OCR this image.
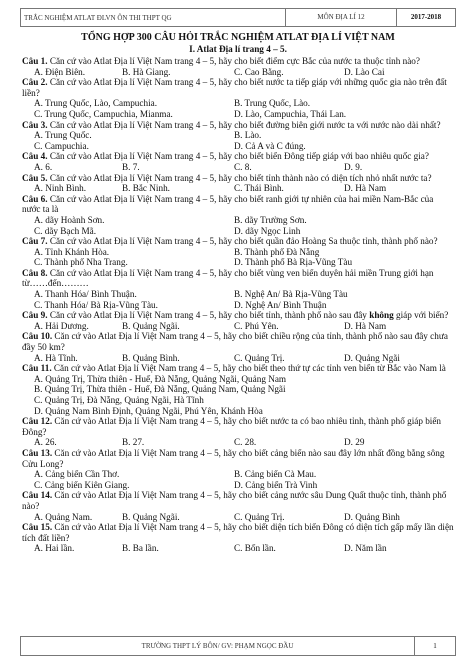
TRẮC NGHIỆM ATLAT ĐLVN ÔN THI THPT QG	MÔN ĐỊA LÍ 12	2017-2018
TỔNG HỢP 300 CÂU HỎI TRẮC NGHIỆM ATLAT ĐỊA LÍ VIỆT NAM
I. Atlat Địa lí trang 4 – 5.
Câu 1. Căn cứ vào Atlat Địa lí Việt Nam trang 4 – 5, hãy cho biết điểm cực Bắc của nước ta thuộc tỉnh nào?
A. Điện Biên.	B. Hà Giang.	C. Cao Bằng.	D. Lào Cai
Câu 2. Căn cứ vào Atlat Địa lí Việt Nam trang 4 – 5, hãy cho biết nước ta tiếp giáp với những quốc gia nào trên đất liền?
A. Trung Quốc, Lào, Campuchia.	B. Trung Quốc, Lào.
C. Trung Quốc, Campuchia, Mianma.	D. Lào, Campuchia, Thái Lan.
Câu 3. Căn cứ vào Atlat Địa lí Việt Nam trang 4 – 5, hãy cho biết đường biên giới nước ta với nước nào dài nhất?
A. Trung Quốc.	B. Lào.
C. Campuchia.	D. Cả A và C đúng.
Câu 4. Căn cứ vào Atlat Địa lí Việt Nam trang 4 – 5, hãy cho biết biển Đông tiếp giáp với bao nhiêu quốc gia?
A. 6.	B. 7.	C. 8.	D. 9.
Câu 5. Căn cứ vào Atlat Địa lí Việt Nam trang 4 – 5, hãy cho biết tỉnh thành nào có diện tích nhỏ nhất nước ta?
A. Ninh Bình.	B. Bắc Ninh.	C. Thái Bình.	D. Hà Nam
Câu 6. Căn cứ vào Atlat Địa lí Việt Nam trang 4 – 5, hãy cho biết ranh giới tự nhiên của hai miền Nam-Bắc của nước ta là
A. dãy Hoành Sơn.	B. dãy Trường Sơn.
C. dãy Bạch Mã.	D. dãy Ngọc Linh
Câu 7. Căn cứ vào Atlat Địa lí Việt Nam trang 4 – 5, hãy cho biết quần đảo Hoàng Sa thuộc tỉnh, thành phố nào?
A. Tỉnh Khánh Hòa.	B. Thành phố Đà Nẵng
C. Thành phố Nha Trang.	D. Thành phố Bà Rịa-Vũng Tàu
Câu 8. Căn cứ vào Atlat Địa lí Việt Nam trang 4 – 5, hãy cho biết vùng ven biển duyên hải miền Trung giới hạn từ……đến………
A. Thanh Hóa/ Bình Thuận.	B. Nghệ An/ Bà Rịa-Vũng Tàu
C. Thanh Hóa/ Bà Rịa-Vũng Tàu.	D. Nghệ An/ Bình Thuận
Câu 9. Căn cứ vào Atlat Địa lí Việt Nam trang 4 – 5, hãy cho biết tỉnh, thành phố nào sau đây không giáp với biển?
A. Hải Dương.	B. Quảng Ngãi.	C. Phú Yên.	D. Hà Nam
Câu 10. Căn cứ vào Atlat Địa lí Việt Nam trang 4 – 5, hãy cho biết chiều rộng của tỉnh, thành phố nào sau đây chưa đầy 50 km?
A. Hà Tĩnh.	B. Quảng Bình.	C. Quảng Trị.	D. Quảng Ngãi
Câu 11. Căn cứ vào Atlat Địa lí Việt Nam trang 4 – 5, hãy cho biết theo thứ tự các tỉnh ven biển từ Bắc vào Nam là
A. Quảng Trị, Thừa thiên - Huế, Đà Nẵng, Quảng Ngãi, Quảng Nam
B. Quảng Trị, Thừa thiên - Huế, Đà Nẵng, Quảng Nam, Quảng Ngãi
C. Quảng Trị, Đà Nẵng, Quảng Ngãi, Hà Tĩnh
D. Quảng Nam Bình Định, Quảng Ngãi, Phú Yên, Khánh Hòa
Câu 12. Căn cứ vào Atlat Địa lí Việt Nam trang 4 – 5, hãy cho biết nước ta có bao nhiêu tỉnh, thành phố giáp biển Đông?
A. 26.	B. 27.	C. 28.	D. 29
Câu 13. Căn cứ vào Atlat Địa lí Việt Nam trang 4 – 5, hãy cho biết cảng biển nào sau đây lớn nhất đồng bằng sông Cửu Long?
A. Cảng biển Cần Thơ.	B. Cảng biển Cà Mau.
C. Cảng biển Kiên Giang.	D. Cảng biển Trà Vinh
Câu 14. Căn cứ vào Atlat Địa lí Việt Nam trang 4 – 5, hãy cho biết cảng nước sâu Dung Quất thuộc tỉnh, thành phố nào?
A. Quảng Nam.	B. Quảng Ngãi.	C. Quảng Trị.	D. Quảng Bình
Câu 15. Căn cứ vào Atlat Địa lí Việt Nam trang 4 – 5, hãy cho biết diện tích biển Đông có diện tích gấp mấy lần diện tích đất liền?
A. Hai lần.	B. Ba lần.	C. Bốn lần.	D. Năm lần
TRƯỜNG THPT LÝ BÔN/ GV: PHẠM NGỌC ĐẦU	1
